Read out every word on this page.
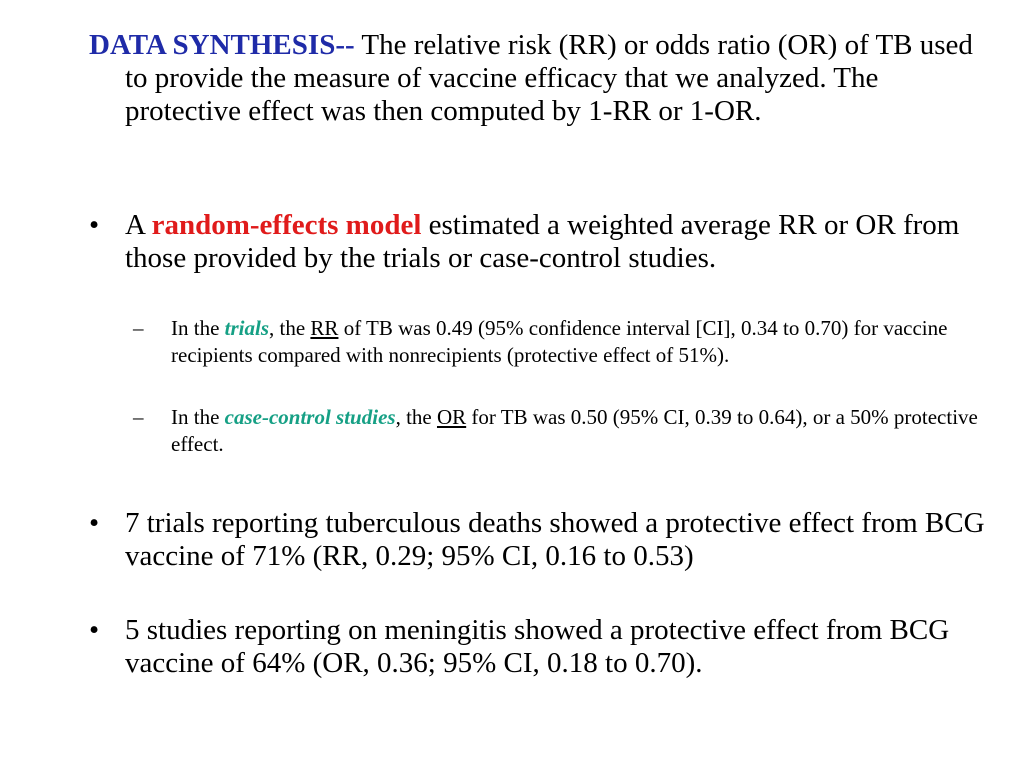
DATA SYNTHESIS-- The relative risk (RR) or odds ratio (OR) of TB used to provide the measure of vaccine efficacy that we analyzed. The protective effect was then computed by 1-RR or 1-OR.
• A random-effects model estimated a weighted average RR or OR from those provided by the trials or case-control studies.
– In the trials, the RR of TB was 0.49 (95% confidence interval [CI], 0.34 to 0.70) for vaccine recipients compared with nonrecipients (protective effect of 51%).
– In the case-control studies, the OR for TB was 0.50 (95% CI, 0.39 to 0.64), or a 50% protective effect.
• 7 trials reporting tuberculous deaths showed a protective effect from BCG vaccine of 71% (RR, 0.29; 95% CI, 0.16 to 0.53)
• 5 studies reporting on meningitis showed a protective effect from BCG vaccine of 64% (OR, 0.36; 95% CI, 0.18 to 0.70).
